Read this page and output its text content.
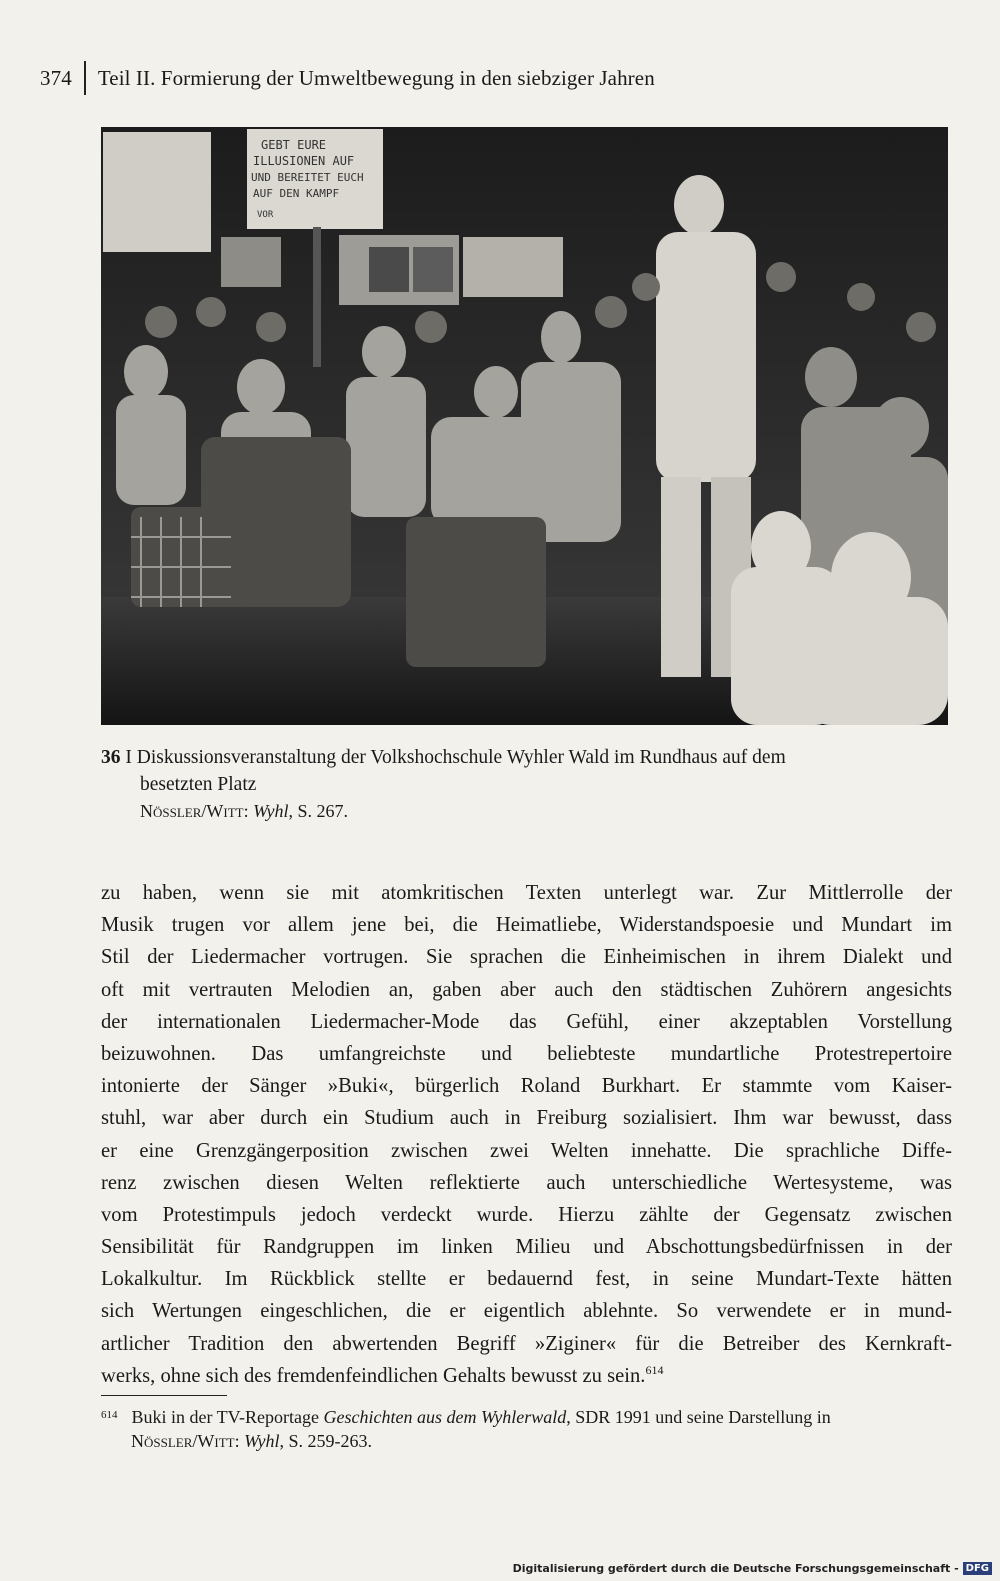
374 Teil II. Formierung der Umweltbewegung in den siebziger Jahren
GEBT EURE
ILLUSIONEN AUF
UND BEREITET EUCH
AUF DEN KAMPF
VOR
36 I Diskussionsveranstaltung der Volkshochschule Wyhler Wald im Rundhaus auf dem
besetzten Platz
Nössler/Witt: Wyhl, S. 267.
zu haben, wenn sie mit atomkritischen Texten unterlegt war. Zur Mittlerrolle der
Musik trugen vor allem jene bei, die Heimatliebe, Widerstandspoesie und Mundart im
Stil der Liedermacher vortrugen. Sie sprachen die Einheimischen in ihrem Dialekt und
oft mit vertrauten Melodien an, gaben aber auch den städtischen Zuhörern angesichts
der internationalen Liedermacher-Mode das Gefühl, einer akzeptablen Vorstellung
beizuwohnen. Das umfangreichste und beliebteste mundartliche Protestrepertoire
intonierte der Sänger »Buki«, bürgerlich Roland Burkhart. Er stammte vom Kaiser-
stuhl, war aber durch ein Studium auch in Freiburg sozialisiert. Ihm war bewusst, dass
er eine Grenzgängerposition zwischen zwei Welten innehatte. Die sprachliche Diffe-
renz zwischen diesen Welten reflektierte auch unterschiedliche Wertesysteme, was
vom Protestimpuls jedoch verdeckt wurde. Hierzu zählte der Gegensatz zwischen
Sensibilität für Randgruppen im linken Milieu und Abschottungsbedürfnissen in der
Lokalkultur. Im Rückblick stellte er bedauernd fest, in seine Mundart-Texte hätten
sich Wertungen eingeschlichen, die er eigentlich ablehnte. So verwendete er in mund-
artlicher Tradition den abwertenden Begriff »Ziginer« für die Betreiber des Kernkraft-
werks, ohne sich des fremdenfeindlichen Gehalts bewusst zu sein.$^{614}$
$^{614}$ Buki in der TV-Reportage Geschichten aus dem Wyhlerwald, SDR 1991 und seine Darstellung in
Nössler/Witt: Wyhl, S. 259-263.
Digitalisierung gefördert durch die Deutsche Forschungsgemeinschaft - DFG
